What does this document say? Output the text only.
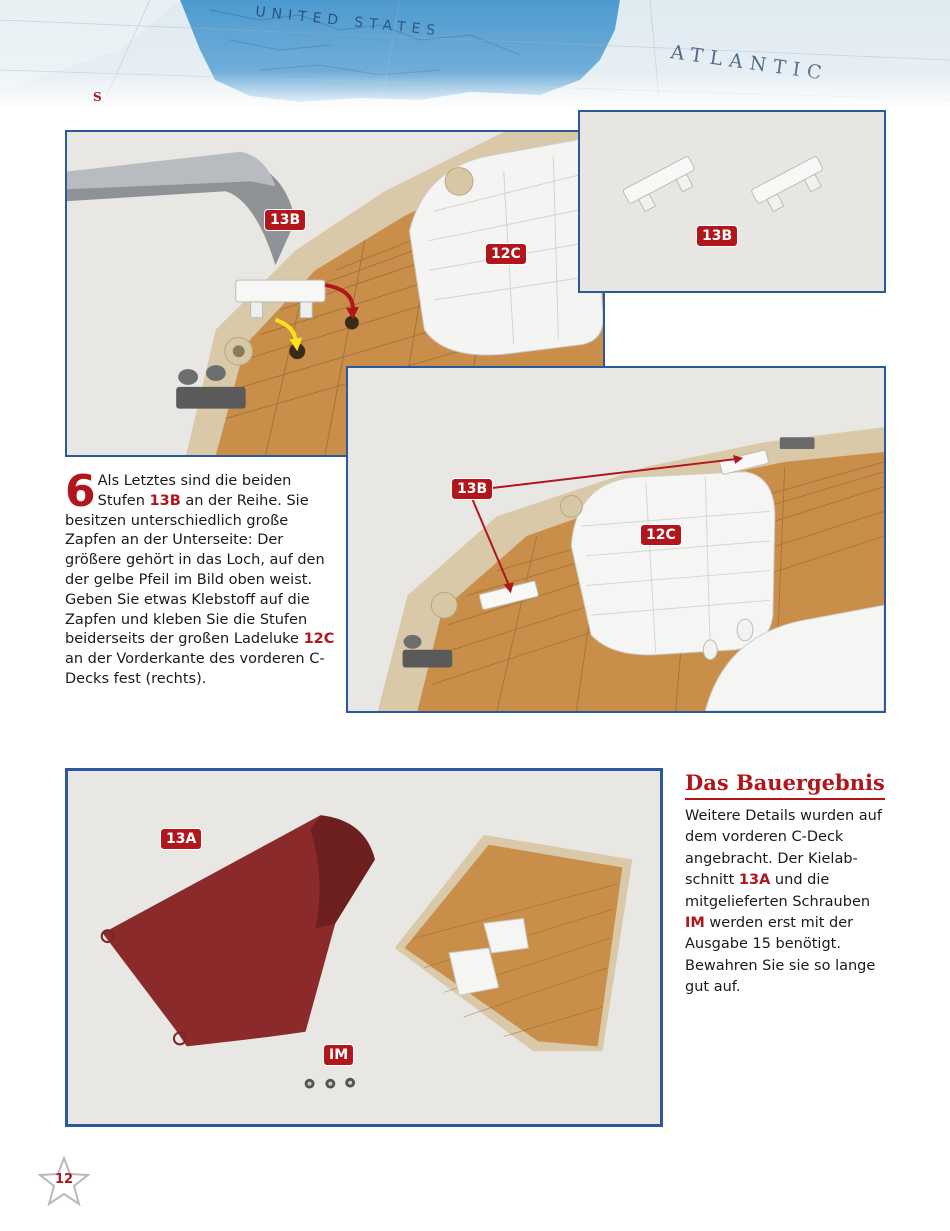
S
13B
12C
13B
13B
12C
6 Als Letztes sind die beiden Stufen 13B an der Reihe. Sie besitzen unterschiedlich große Zapfen an der Unterseite: Der größere gehört in das Loch, auf den der gelbe Pfeil im Bild oben weist. Geben Sie etwas Klebstoff auf die Zapfen und kleben Sie die Stufen beiderseits der großen Ladeluke 12C an der Vorderkante des vorderen C-Decks fest (rechts).
13A
IM
Das Bauergebnis
Weitere Details wurden auf dem vorderen C-Deck angebracht. Der Kielab-schnitt 13A und die mitgelieferten Schrauben IM werden erst mit der Ausgabe 15 benötigt. Bewahren Sie sie so lange gut auf.
12
